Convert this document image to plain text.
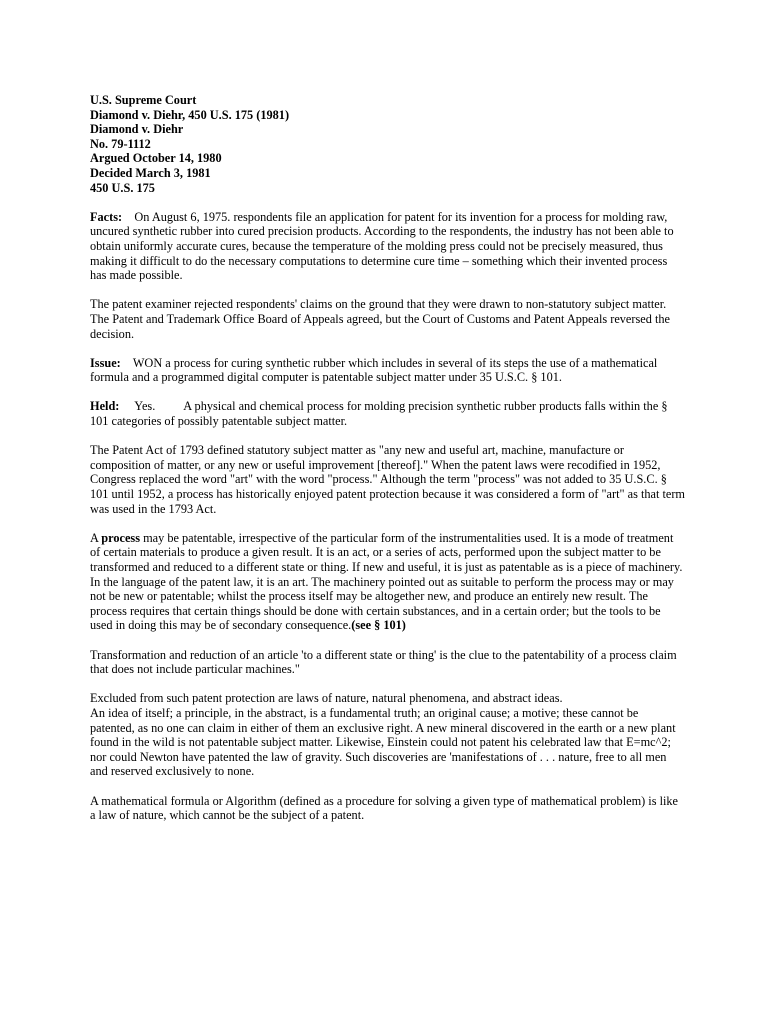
U.S. Supreme Court
Diamond v. Diehr, 450 U.S. 175 (1981)
Diamond v. Diehr
No. 79-1112
Argued October 14, 1980
Decided March 3, 1981
450 U.S. 175

Facts: On August 6, 1975. respondents file an application for patent for its invention for a process for molding raw, uncured synthetic rubber into cured precision products. According to the respondents, the industry has not been able to obtain uniformly accurate cures, because the temperature of the molding press could not be precisely measured, thus making it difficult to do the necessary computations to determine cure time – something which their invented process has made possible.

The patent examiner rejected respondents' claims on the ground that they were drawn to non-statutory subject matter. The Patent and Trademark Office Board of Appeals agreed, but the Court of Customs and Patent Appeals reversed the decision.

Issue: WON a process for curing synthetic rubber which includes in several of its steps the use of a mathematical formula and a programmed digital computer is patentable subject matter under 35 U.S.C. § 101.

Held: Yes. A physical and chemical process for molding precision synthetic rubber products falls within the § 101 categories of possibly patentable subject matter.

The Patent Act of 1793 defined statutory subject matter as "any new and useful art, machine, manufacture or composition of matter, or any new or useful improvement [thereof]." When the patent laws were recodified in 1952, Congress replaced the word "art" with the word "process." Although the term "process" was not added to 35 U.S.C. § 101 until 1952, a process has historically enjoyed patent protection because it was considered a form of "art" as that term was used in the 1793 Act.

A process may be patentable, irrespective of the particular form of the instrumentalities used. It is a mode of treatment of certain materials to produce a given result. It is an act, or a series of acts, performed upon the subject matter to be transformed and reduced to a different state or thing. If new and useful, it is just as patentable as is a piece of machinery. In the language of the patent law, it is an art. The machinery pointed out as suitable to perform the process may or may not be new or patentable; whilst the process itself may be altogether new, and produce an entirely new result. The process requires that certain things should be done with certain substances, and in a certain order; but the tools to be used in doing this may be of secondary consequence.(see § 101)

Transformation and reduction of an article 'to a different state or thing' is the clue to the patentability of a process claim that does not include particular machines."

Excluded from such patent protection are laws of nature, natural phenomena, and abstract ideas.
An idea of itself; a principle, in the abstract, is a fundamental truth; an original cause; a motive; these cannot be patented, as no one can claim in either of them an exclusive right. A new mineral discovered in the earth or a new plant found in the wild is not patentable subject matter. Likewise, Einstein could not patent his celebrated law that E=mc^2; nor could Newton have patented the law of gravity. Such discoveries are 'manifestations of . . . nature, free to all men and reserved exclusively to none.

A mathematical formula or Algorithm (defined as a procedure for solving a given type of mathematical problem) is like a law of nature, which cannot be the subject of a patent.
